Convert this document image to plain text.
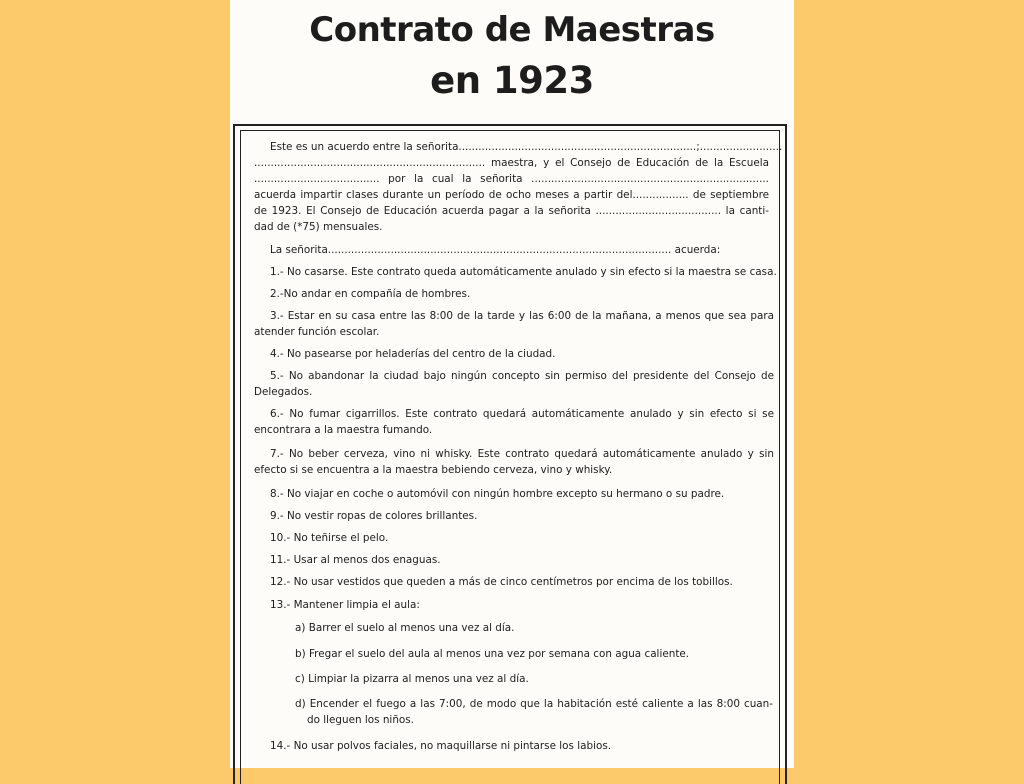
Contrato de Maestras
en 1923
Este es un acuerdo entre la señorita........................................................................;.........................
...................................................................... maestra, y el Consejo de Educación de la Escuela
...................................... por la cual la señorita ........................................................................
acuerda impartir clases durante un período de ocho meses a partir del................. de septiembre
de 1923. El Consejo de Educación acuerda pagar a la señorita ...................................... la canti-
dad de (*75) mensuales.
La señorita........................................................................................................ acuerda:
1.- No casarse. Este contrato queda automáticamente anulado y sin efecto si la maestra se casa.
2.-No andar en compañía de hombres.
3.- Estar en su casa entre las 8:00 de la tarde y las 6:00 de la mañana, a menos que sea para
atender función escolar.
4.- No pasearse por heladerías del centro de la ciudad.
5.- No abandonar la ciudad bajo ningún concepto sin permiso del presidente del Consejo de
Delegados.
6.- No fumar cigarrillos. Este contrato quedará automáticamente anulado y sin efecto si se
encontrara a la maestra fumando.
7.- No beber cerveza, vino ni whisky. Este contrato quedará automáticamente anulado y sin
efecto si se encuentra a la maestra bebiendo cerveza, vino y whisky.
8.- No viajar en coche o automóvil con ningún hombre excepto su hermano o su padre.
9.- No vestir ropas de colores brillantes.
10.- No teñirse el pelo.
11.- Usar al menos dos enaguas.
12.- No usar vestidos que queden a más de cinco centímetros por encima de los tobillos.
13.- Mantener limpia el aula:
a) Barrer el suelo al menos una vez al día.
b) Fregar el suelo del aula al menos una vez por semana con agua caliente.
c) Limpiar la pizarra al menos una vez al día.
d) Encender el fuego a las 7:00, de modo que la habitación esté caliente a las 8:00 cuan-
do lleguen los niños.
14.- No usar polvos faciales, no maquillarse ni pintarse los labios.
